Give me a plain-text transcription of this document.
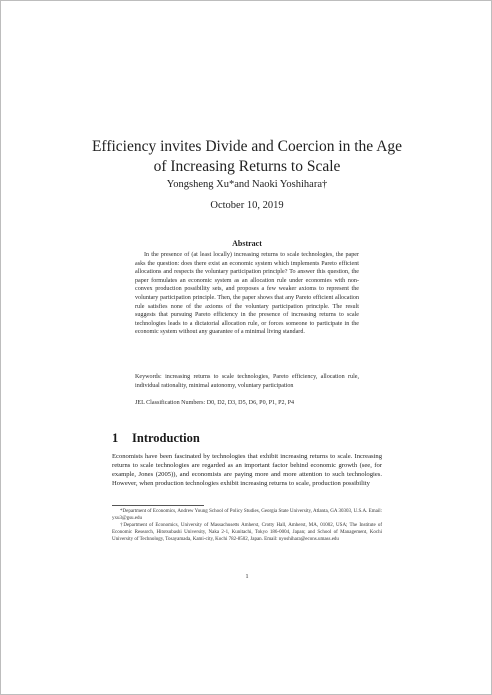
Efficiency invites Divide and Coercion in the Age of Increasing Returns to Scale
Yongsheng Xu*and Naoki Yoshihara†
October 10, 2019
Abstract

In the presence of (at least locally) increasing returns to scale technologies, the paper asks the question: does there exist an economic system which implements Pareto efficient allocations and respects the voluntary participation principle? To answer this question, the paper formulates an economic system as an allocation rule under economies with non-convex production possibility sets, and proposes a few weaker axioms to represent the voluntary participation principle. Then, the paper shows that any Pareto efficient allocation rule satisfies none of the axioms of the voluntary participation principle. The result suggests that pursuing Pareto efficiency in the presence of increasing returns to scale technologies leads to a dictatorial allocation rule, or forces someone to participate in the economic system without any guarantee of a minimal living standard.

Keywords: increasing returns to scale technologies, Pareto efficiency, allocation rule, individual rationality, minimal autonomy, voluntary participation

JEL Classification Numbers: D0, D2, D3, D5, D6, P0, P1, P2, P4

1 Introduction

Economists have been fascinated by technologies that exhibit increasing returns to scale. Increasing returns to scale technologies are regarded as an important factor behind economic growth (see, for example, Jones (2005)), and economists are paying more and more attention to such technologies. However, when production technologies exhibit increasing returns to scale, production possibility

*Department of Economics, Andrew Young School of Policy Studies, Georgia State University, Atlanta, GA 30303, U.S.A. Email: yxu3@gsu.edu

†Department of Economics, University of Massachusetts Amherst, Crotty Hall, Amherst, MA, 01002, USA; The Institute of Economic Research, Hitotsubashi University, Naka 2-1, Kunitachi, Tokyo 186-0004, Japan; and School of Management, Kochi University of Technology, Tosayamada, Kami-city, Kochi 782-8502, Japan. Email: nyoshihara@econs.umass.edu

1
